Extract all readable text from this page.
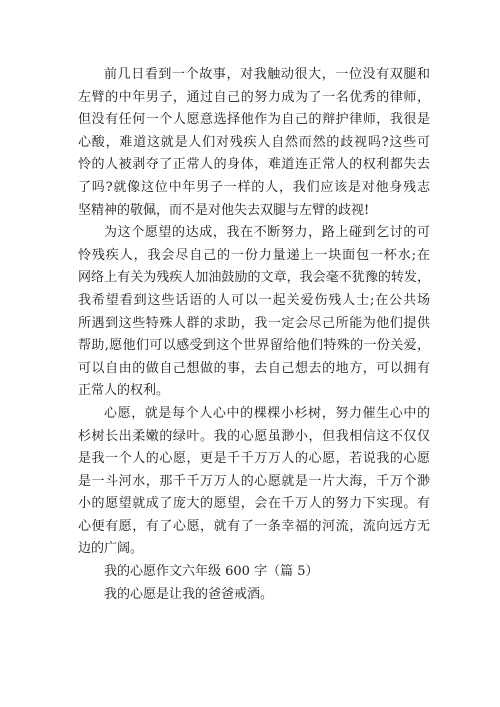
前几日看到一个故事，对我触动很大，一位没有双腿和
左臂的中年男子，通过自己的努力成为了一名优秀的律师，
但没有任何一个人愿意选择他作为自己的辩护律师，我很是
心酸，难道这就是人们对残疾人自然而然的歧视吗?这些可
怜的人被剥夺了正常人的身体，难道连正常人的权利都失去
了吗?就像这位中年男子一样的人，我们应该是对他身残志
坚精神的敬佩，而不是对他失去双腿与左臂的歧视!
为这个愿望的达成，我在不断努力，路上碰到乞讨的可
怜残疾人，我会尽自己的一份力量递上一块面包一杯水;在
网络上有关为残疾人加油鼓励的文章，我会毫不犹豫的转发，
我希望看到这些话语的人可以一起关爱伤残人士;在公共场
所遇到这些特殊人群的求助，我一定会尽己所能为他们提供
帮助,愿他们可以感受到这个世界留给他们特殊的一份关爱，
可以自由的做自己想做的事，去自己想去的地方，可以拥有
正常人的权利。
心愿，就是每个人心中的棵棵小杉树，努力催生心中的
杉树长出柔嫩的绿叶。我的心愿虽渺小，但我相信这不仅仅
是我一个人的心愿，更是千千万万人的心愿，若说我的心愿
是一斗河水，那千千万万人的心愿就是一片大海，千万个渺
小的愿望就成了庞大的愿望，会在千万人的努力下实现。有
心便有愿，有了心愿，就有了一条幸福的河流，流向远方无
边的广阔。
我的心愿作文六年级 600 字（篇 5）
我的心愿是让我的爸爸戒酒。
